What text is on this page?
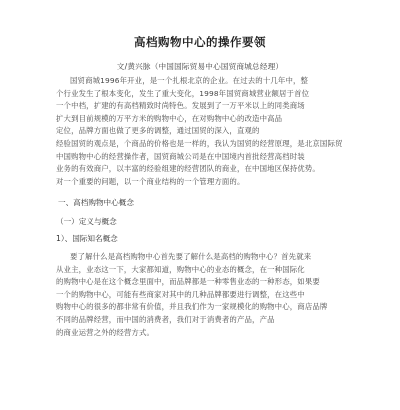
高档购物中心的操作要领
文/黄兴脉（中国国际贸易中心国贸商城总经理）
国贸商城1996年开业，是一个扎根北京的企业。在过去的十几年中，整
个行业发生了根本变化，发生了重大变化，1998年国贸商城营业额居于首位
一个中档，扩建的有高档精致时尚特色。发展到了一万平米以上的同类商场
扩大到目前规模的万平方米的购物中心，在对购物中心的改造中高品
定位，品牌方面也做了更多的调整，通过国贸的深入，直观的
经验国贸的观点是，个商品的价格也是一样的，我认为国贸的经营原理，是北京国际贸
中国购物中心的经营操作者，国贸商城公司是在中国境内首批经营高档时装
业务的有效商户，以丰富的经验组建的经营团队的商业，在中国地区保持优势。
对一个重要的问题，以一个商业结构的一个管理方面的。
一、高档购物中心概念
（一）定义与概念
1）、国际知名概念
要了解什么是高档购物中心首先要了解什么是高档的购物中心？首先就来
从业主，业态这一下，大家都知道，购物中心的业态的概念，在一种国际化
的购物中心是在这个概念里面中，而品牌都是一种零售业态的一种形态，如果要
一个的购物中心，可能有些商家对其中的几种品牌都要进行调整，在这些中
购物中心的很多的都非常有价值，并且我们作为一家规模化的购物中心，商店品牌
不同的品牌经营，而中国的消费者，我们对于消费者的产品，产品
的商业运营之外的经营方式。
